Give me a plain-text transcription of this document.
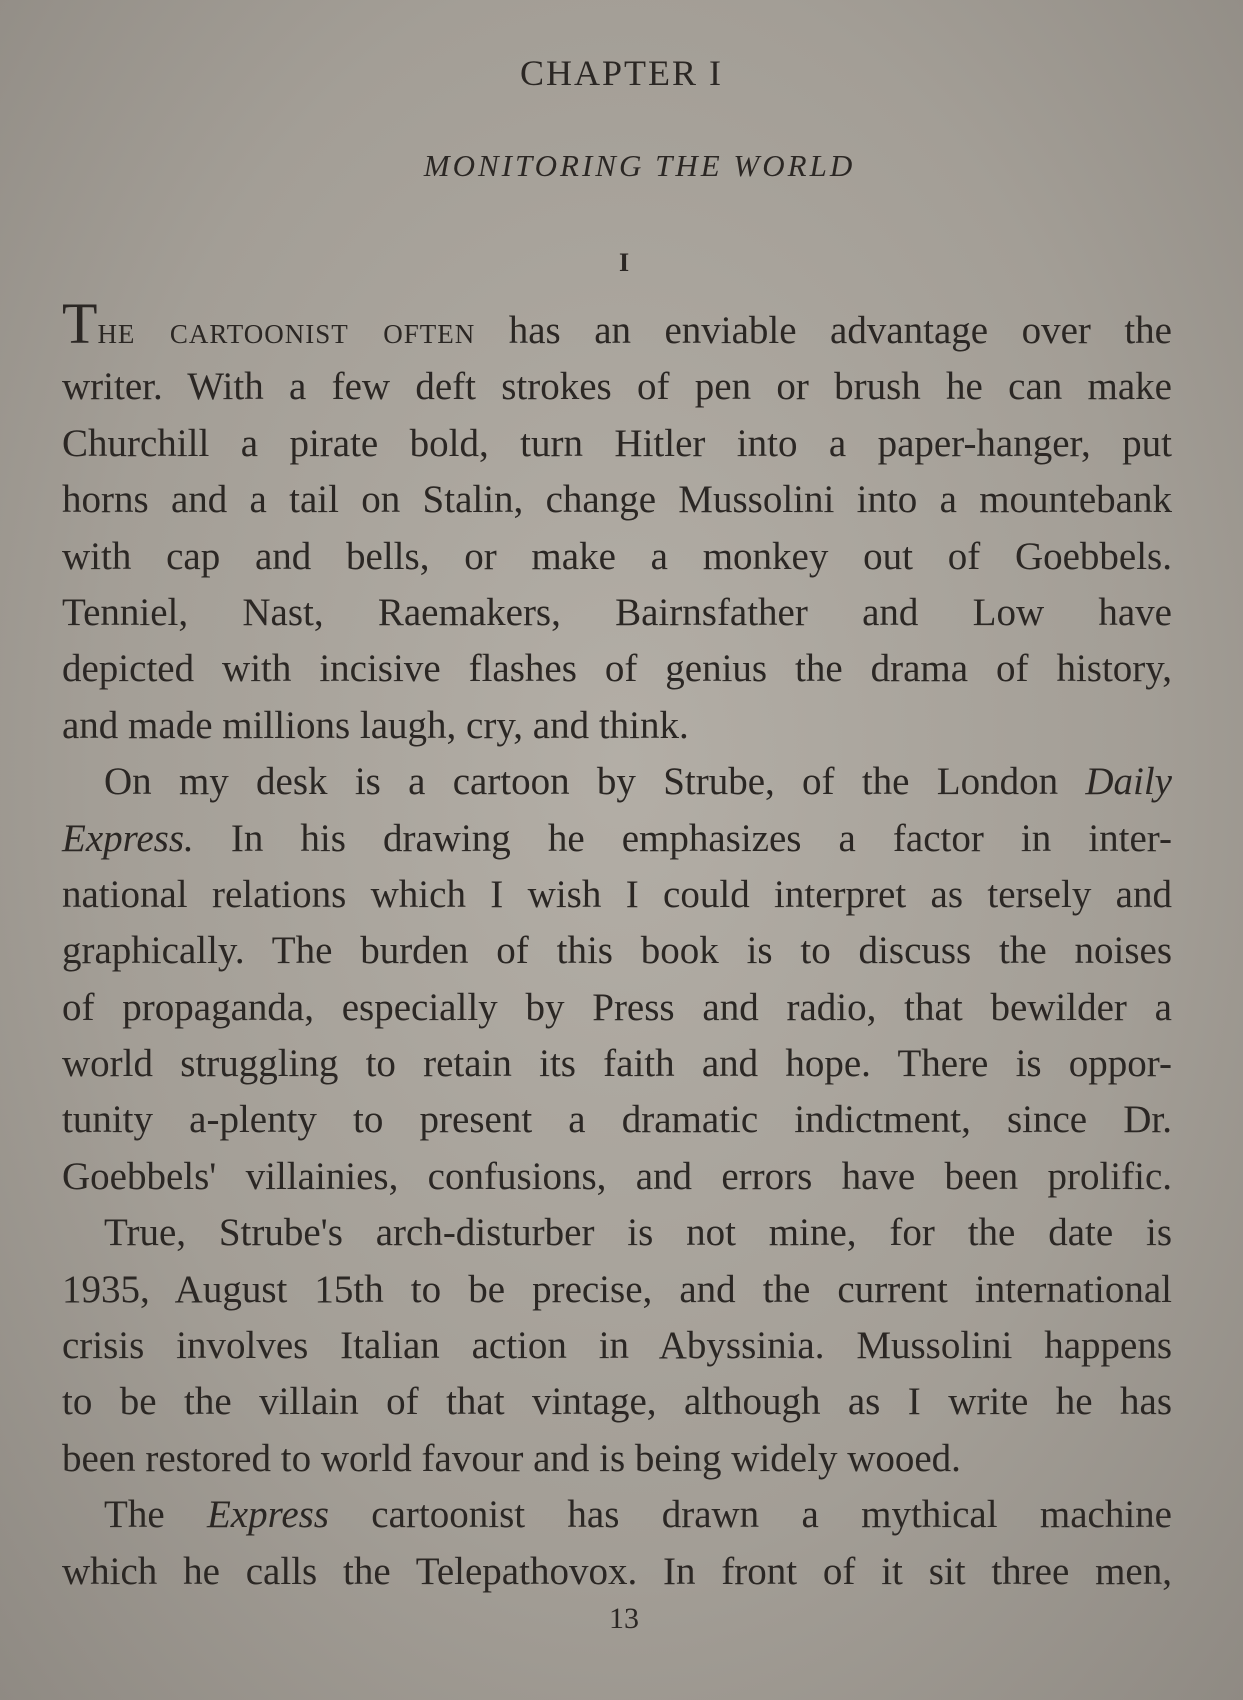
CHAPTER I
MONITORING THE WORLD
I
The cartoonist often has an enviable advantage over the
writer. With a few deft strokes of pen or brush he can make
Churchill a pirate bold, turn Hitler into a paper-hanger, put
horns and a tail on Stalin, change Mussolini into a mountebank
with cap and bells, or make a monkey out of Goebbels.
Tenniel, Nast, Raemakers, Bairnsfather and Low have
depicted with incisive flashes of genius the drama of history,
and made millions laugh, cry, and think.
On my desk is a cartoon by Strube, of the London Daily
Express. In his drawing he emphasizes a factor in inter-
national relations which I wish I could interpret as tersely and
graphically. The burden of this book is to discuss the noises
of propaganda, especially by Press and radio, that bewilder a
world struggling to retain its faith and hope. There is oppor-
tunity a-plenty to present a dramatic indictment, since Dr.
Goebbels' villainies, confusions, and errors have been prolific.
True, Strube's arch-disturber is not mine, for the date is
1935, August 15th to be precise, and the current international
crisis involves Italian action in Abyssinia. Mussolini happens
to be the villain of that vintage, although as I write he has
been restored to world favour and is being widely wooed.
The Express cartoonist has drawn a mythical machine
which he calls the Telepathovox. In front of it sit three men,
13
